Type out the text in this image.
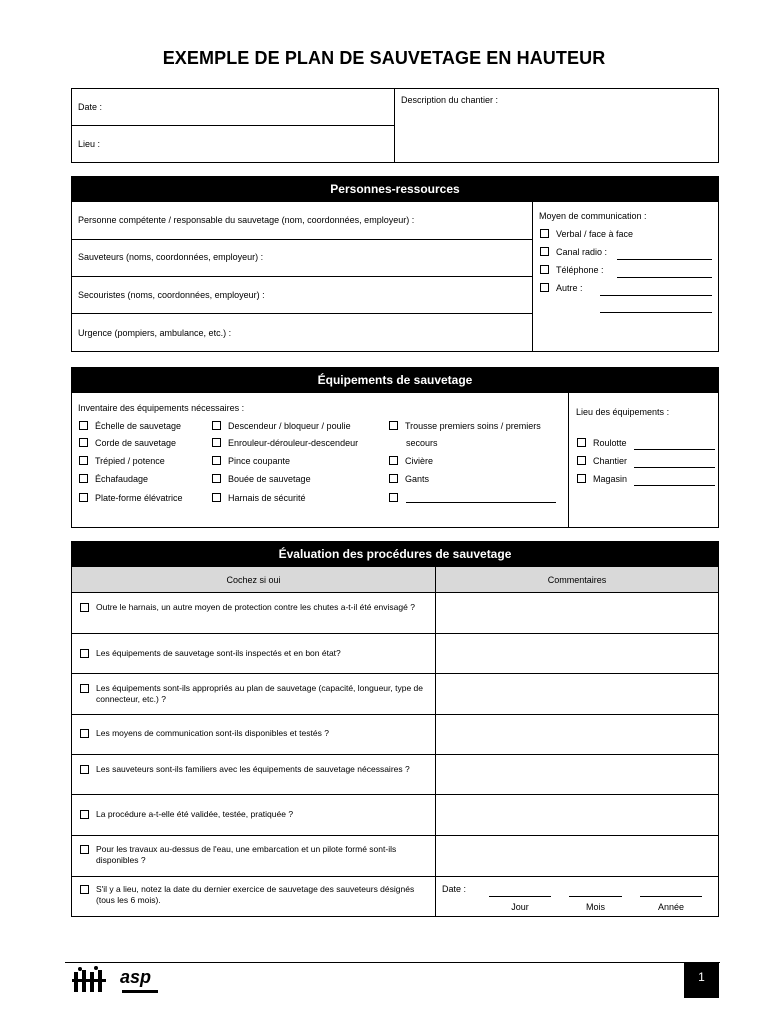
EXEMPLE DE PLAN DE SAUVETAGE EN HAUTEUR
Date :
Lieu :
Description du chantier :
Personnes-ressources
Personne compétente / responsable du sauvetage (nom, coordonnées, employeur) :
Sauveteurs (noms, coordonnées, employeur) :
Secouristes (noms, coordonnées, employeur) :
Urgence (pompiers, ambulance, etc.) :
Moyen de communication :
Verbal / face à face
Canal radio :
Téléphone :
Autre :
Équipements de sauvetage
Inventaire des équipements nécessaires :
Échelle de sauvetage
Corde de sauvetage
Trépied / potence
Échafaudage
Plate-forme élévatrice
Descendeur / bloqueur / poulie
Enrouleur-dérouleur-descendeur
Pince coupante
Bouée de sauvetage
Harnais de sécurité
Trousse premiers soins / premiers
secours
Civière
Gants
Lieu des équipements :
Roulotte
Chantier
Magasin
Évaluation des procédures de sauvetage
Cochez si oui	Commentaires
Outre le harnais, un autre moyen de protection contre les chutes a-t-il été envisagé ?
Les équipements de sauvetage sont-ils inspectés et en bon état?
Les équipements sont-ils appropriés au plan de sauvetage (capacité, longueur, type de connecteur, etc.) ?
Les moyens de communication sont-ils disponibles et testés ?
Les sauveteurs sont-ils familiers avec les équipements de sauvetage nécessaires ?
La procédure a-t-elle été validée, testée, pratiquée ?
Pour les travaux au-dessus de l'eau, une embarcation et un pilote formé sont-ils disponibles ?
S'il y a lieu, notez la date du dernier exercice de sauvetage des sauveteurs désignés (tous les 6 mois).
Date :
Jour	Mois	Année
asp	1
